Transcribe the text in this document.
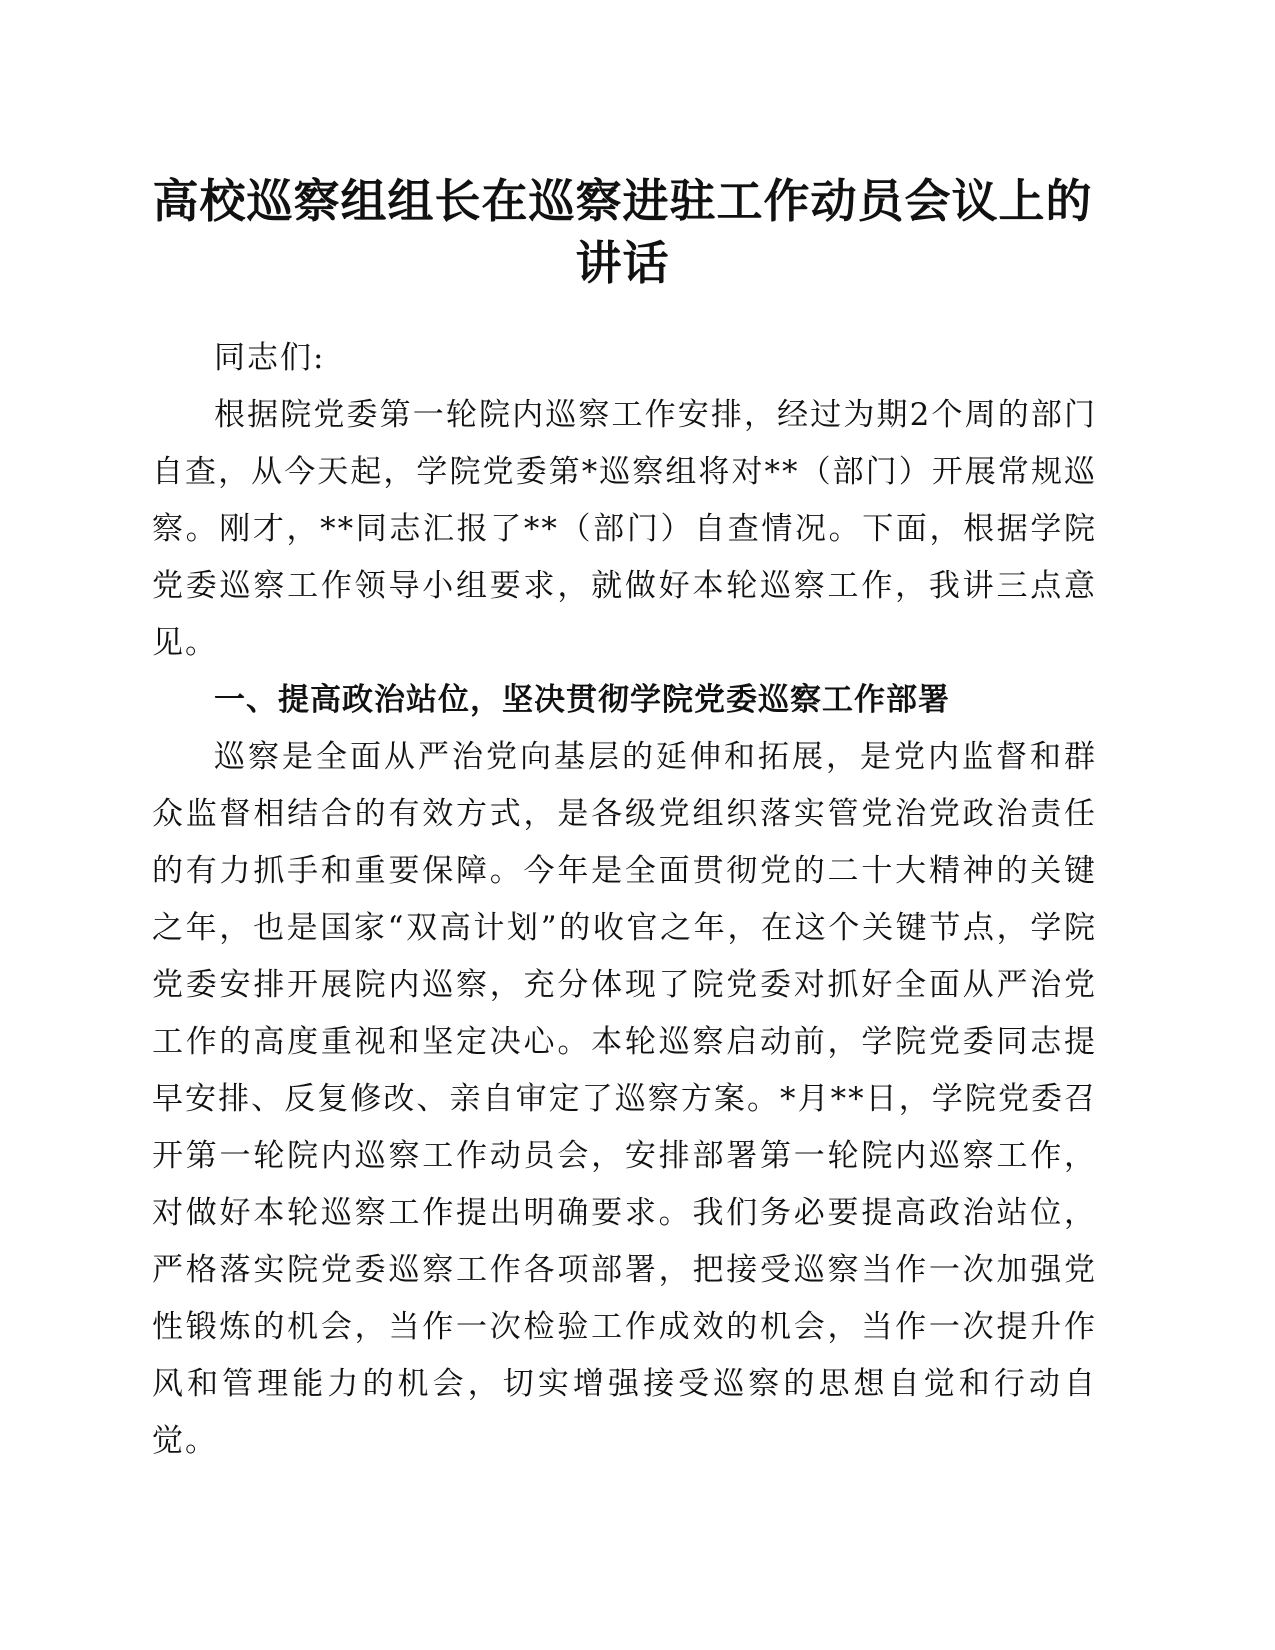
高校巡察组组长在巡察进驻工作动员会议上的讲话

同志们:

根据院党委第一轮院内巡察工作安排，经过为期2个周的部门自查，从今天起，学院党委第*巡察组将对**（部门）开展常规巡察。刚才，**同志汇报了**（部门）自查情况。下面，根据学院党委巡察工作领导小组要求，就做好本轮巡察工作，我讲三点意见。

一、提高政治站位，坚决贯彻学院党委巡察工作部署

巡察是全面从严治党向基层的延伸和拓展，是党内监督和群众监督相结合的有效方式，是各级党组织落实管党治党政治责任的有力抓手和重要保障。今年是全面贯彻党的二十大精神的关键之年，也是国家“双高计划”的收官之年，在这个关键节点，学院党委安排开展院内巡察，充分体现了院党委对抓好全面从严治党工作的高度重视和坚定决心。本轮巡察启动前，学院党委同志提早安排、反复修改、亲自审定了巡察方案。*月**日，学院党委召开第一轮院内巡察工作动员会，安排部署第一轮院内巡察工作，对做好本轮巡察工作提出明确要求。我们务必要提高政治站位，严格落实院党委巡察工作各项部署，把接受巡察当作一次加强党性锻炼的机会，当作一次检验工作成效的机会，当作一次提升作风和管理能力的机会，切实增强接受巡察的思想自觉和行动自觉。
